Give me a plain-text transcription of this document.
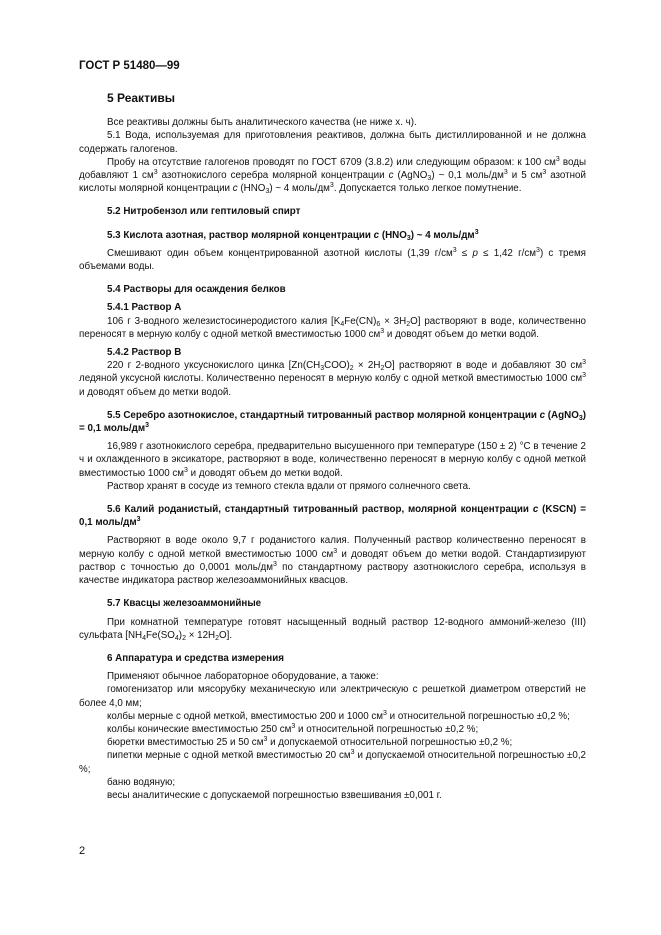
ГОСТ Р 51480—99
5 Реактивы

Все реактивы должны быть аналитического качества (не ниже х. ч).

5.1 Вода, используемая для приготовления реактивов, должна быть дистиллированной и не должна содержать галогенов.

Пробу на отсутствие галогенов проводят по ГОСТ 6709 (3.8.2) или следующим образом: к 100 $см^3$ воды добавляют 1 $см^3$ азотнокислого серебра молярной концентрации c (AgNO$_3$) ~ 0,1 моль/$дм^3$ и 5 $см^3$ азотной кислоты молярной концентрации c $(HNO_3)$ ~ 4 моль/$дм^3$. Допускается только легкое помутнение.

5.2 Нитробензол или гептиловый спирт
5.3 Кислота азотная, раствор молярной концентрации c $(HNO_3)$ ~ 4 моль/$дм^3$

Смешивают один объем концентрированной азотной кислоты (1,39 $г/см^3 \le p \le 1,42$ $г/см^3$) с тремя объемами воды.

5.4 Растворы для осаждения белков
5.4.1 Раствор А

106 г 3-водного железистосинеродистого калия $[K_4Fe(CN)_6 \times 3H_2O]$ растворяют в воде, количественно переносят в мерную колбу с одной меткой вместимостью 1000 $см^3$ и доводят объем до метки водой.

5.4.2 Раствор В

220 г 2-водного уксуснокислого цинка $[Zn(CH_3COO)_2 \times 2H_2O]$ растворяют в воде и добавляют 30 $см^3$ ледяной уксусной кислоты. Количественно переносят в мерную колбу с одной меткой вместимостью 1000 $см^3$ и доводят объем до метки водой.

5.5 Серебро азотнокислое, стандартный титрованный раствор молярной концентрации c (AgNO$_3$) = 0,1 моль/$дм^3$

16,989 г азотнокислого серебра, предварительно высушенного при температуре (150 ± 2) °С в течение 2 ч и охлажденного в эксикаторе, растворяют в воде, количественно переносят в мерную колбу с одной меткой вместимостью 1000 $см^3$ и доводят объем до метки водой.

Раствор хранят в сосуде из темного стекла вдали от прямого солнечного света.

5.6 Калий роданистый, стандартный титрованный раствор, молярной концентрации c (KSCN) = 0,1 моль/$дм^3$

Растворяют в воде около 9,7 г роданистого калия. Полученный раствор количественно переносят в мерную колбу с одной меткой вместимостью 1000 $см^3$ и доводят объем до метки водой. Стандартизируют раствор с точностью до 0,0001 моль/$дм^3$ по стандартному раствору азотнокислого серебра, используя в качестве индикатора раствор железоаммонийных квасцов.

5.7 Квасцы железоаммонийные

При комнатной температуре готовят насыщенный водный раствор 12-водного аммоний-железо (III) сульфата $[NH_4Fe(SO_4)_2 \times 12H_2O]$.

6 Аппаратура и средства измерения

Применяют обычное лабораторное оборудование, а также:

гомогенизатор или мясорубку механическую или электрическую с решеткой диаметром отверстий не более 4,0 мм;

колбы мерные с одной меткой, вместимостью 200 и 1000 $см^3$ и относительной погрешностью ±0,2 %;

колбы конические вместимостью 250 $см^3$ и относительной погрешностью ±0,2 %;

бюретки вместимостью 25 и 50 $см^3$ и допускаемой относительной погрешностью ±0,2 %;

пипетки мерные с одной меткой вместимостью 20 $см^3$ и допускаемой относительной погрешностью ±0,2 %;

баню водяную;

весы аналитические с допускаемой погрешностью взвешивания ±0,001 г.

2
